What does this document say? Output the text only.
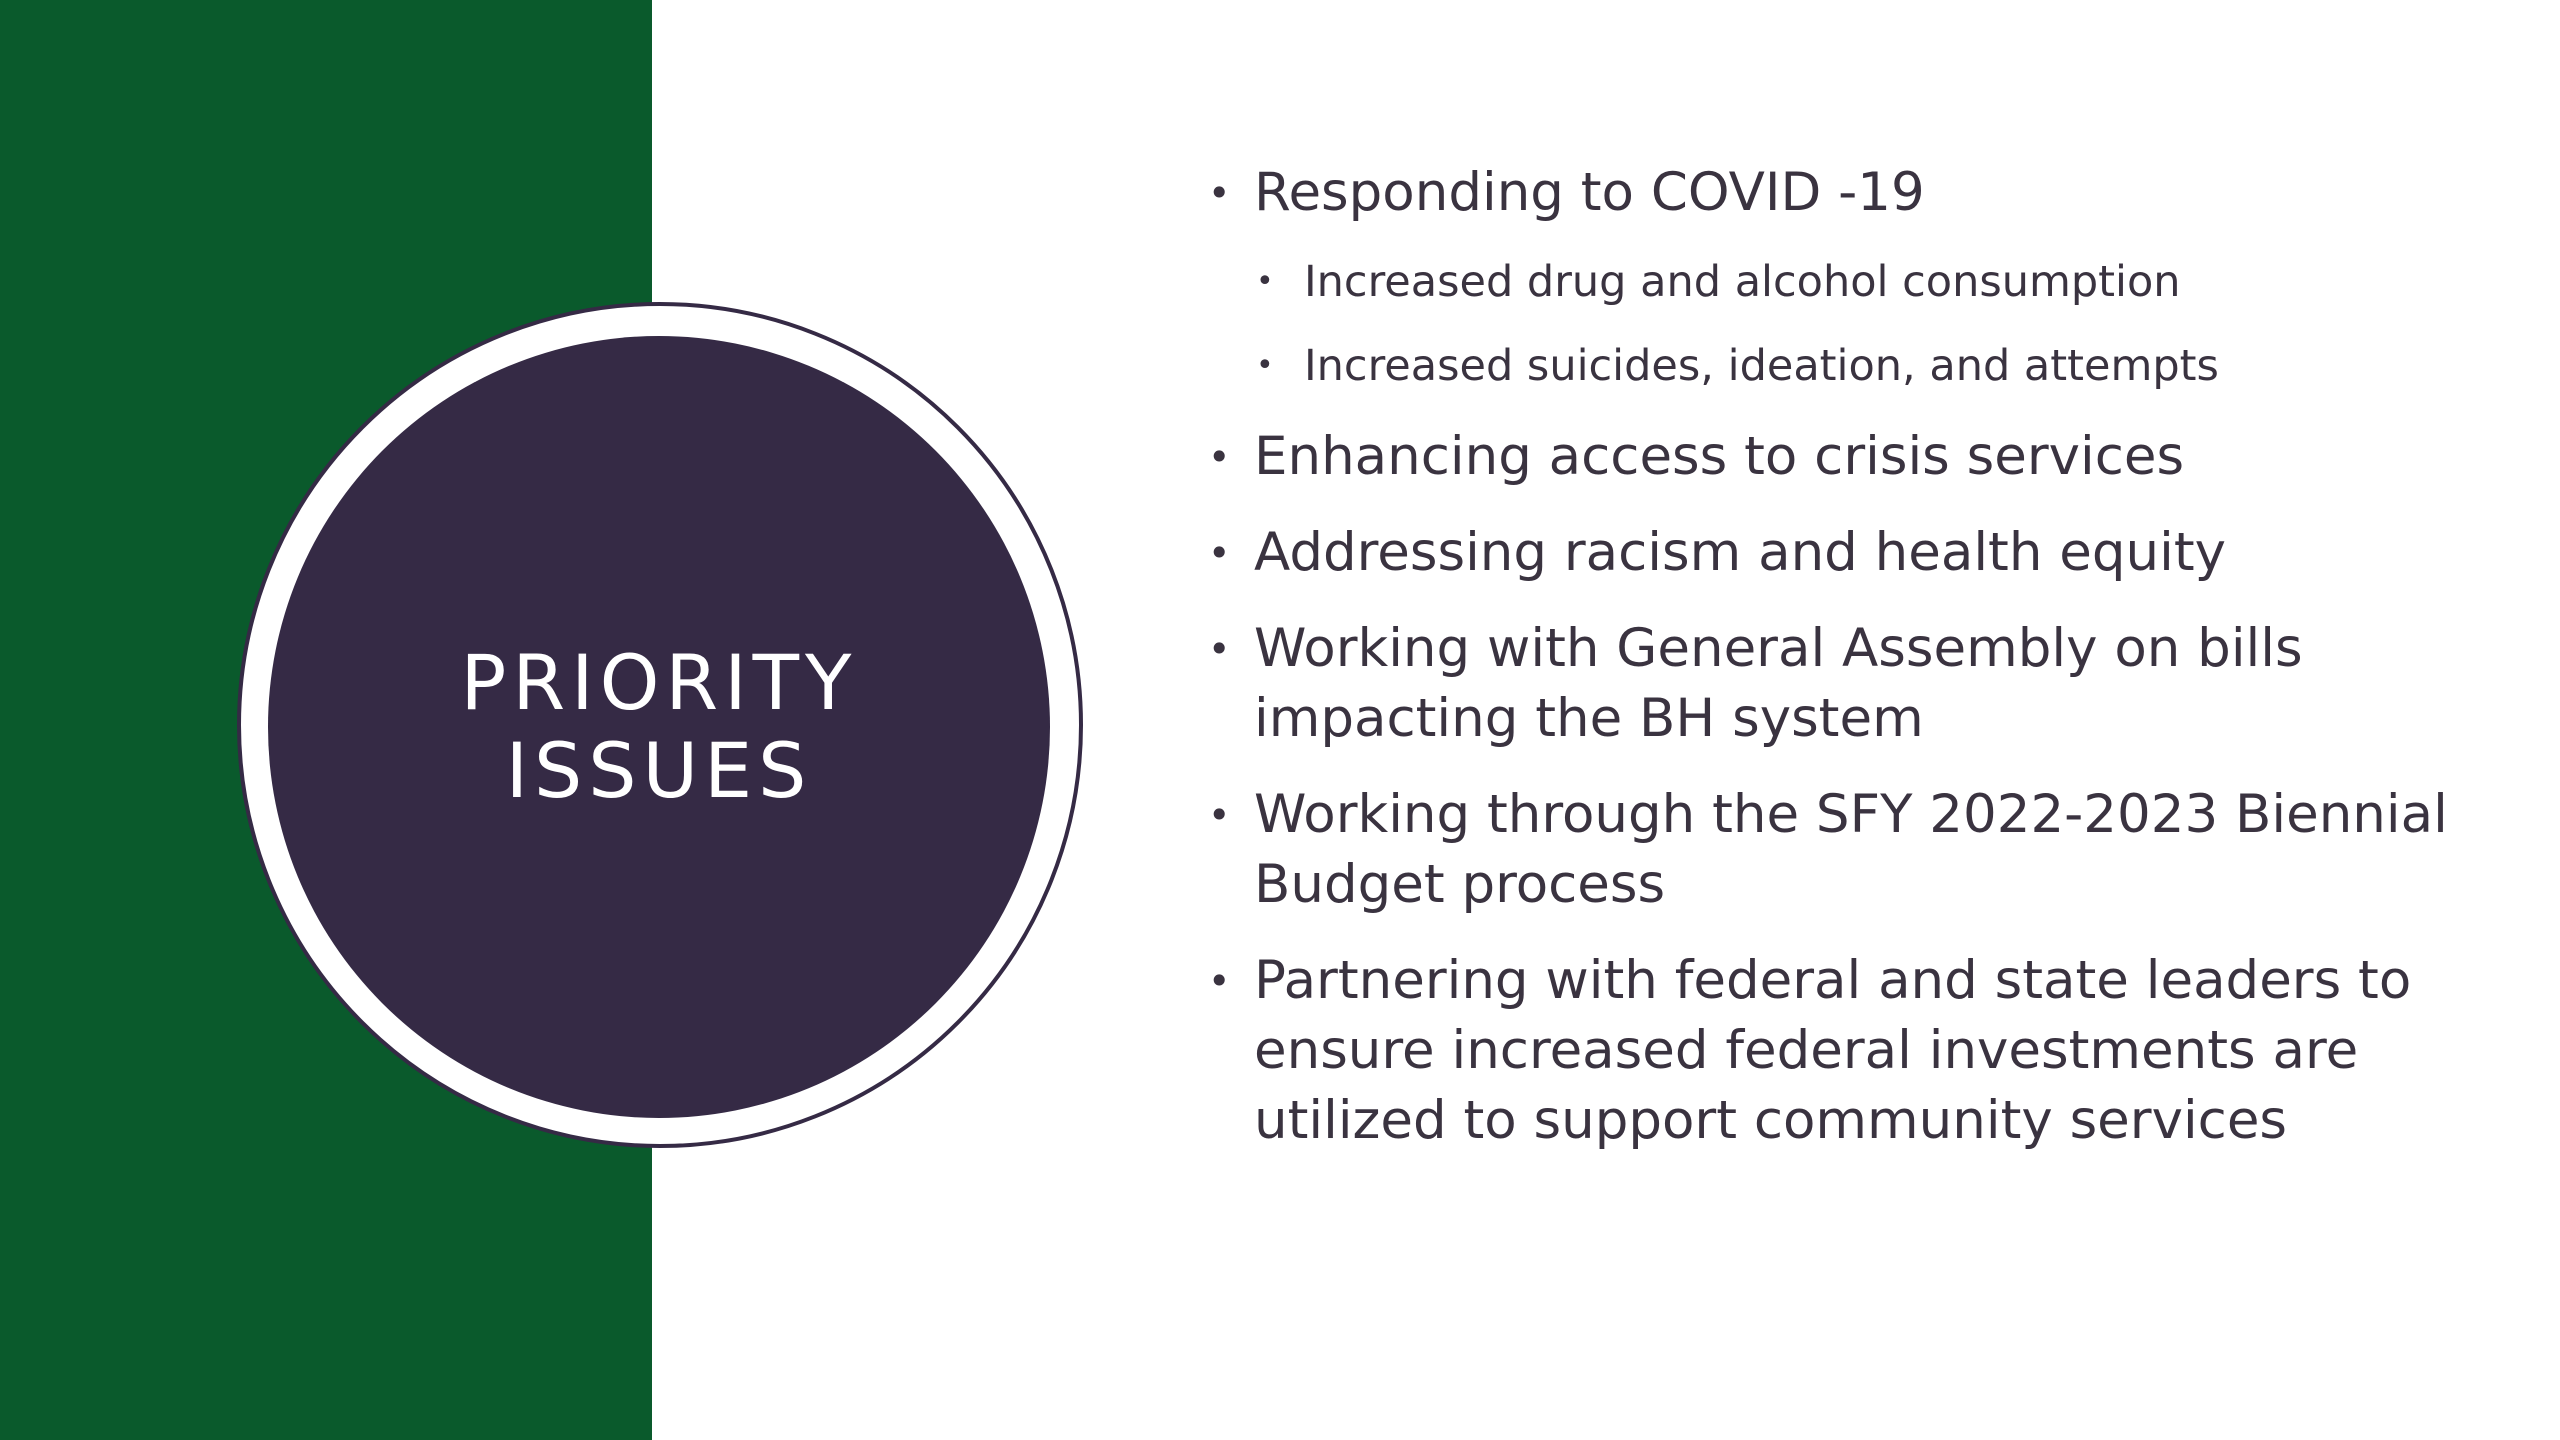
PRIORITY
ISSUES
• Responding to COVID -19
• Increased drug and alcohol consumption
• Increased suicides, ideation, and attempts
• Enhancing access to crisis services
• Addressing racism and health equity
• Working with General Assembly on bills impacting the BH system
• Working through the SFY 2022-2023 Biennial Budget process
• Partnering with federal and state leaders to ensure increased federal investments are utilized to support community services
